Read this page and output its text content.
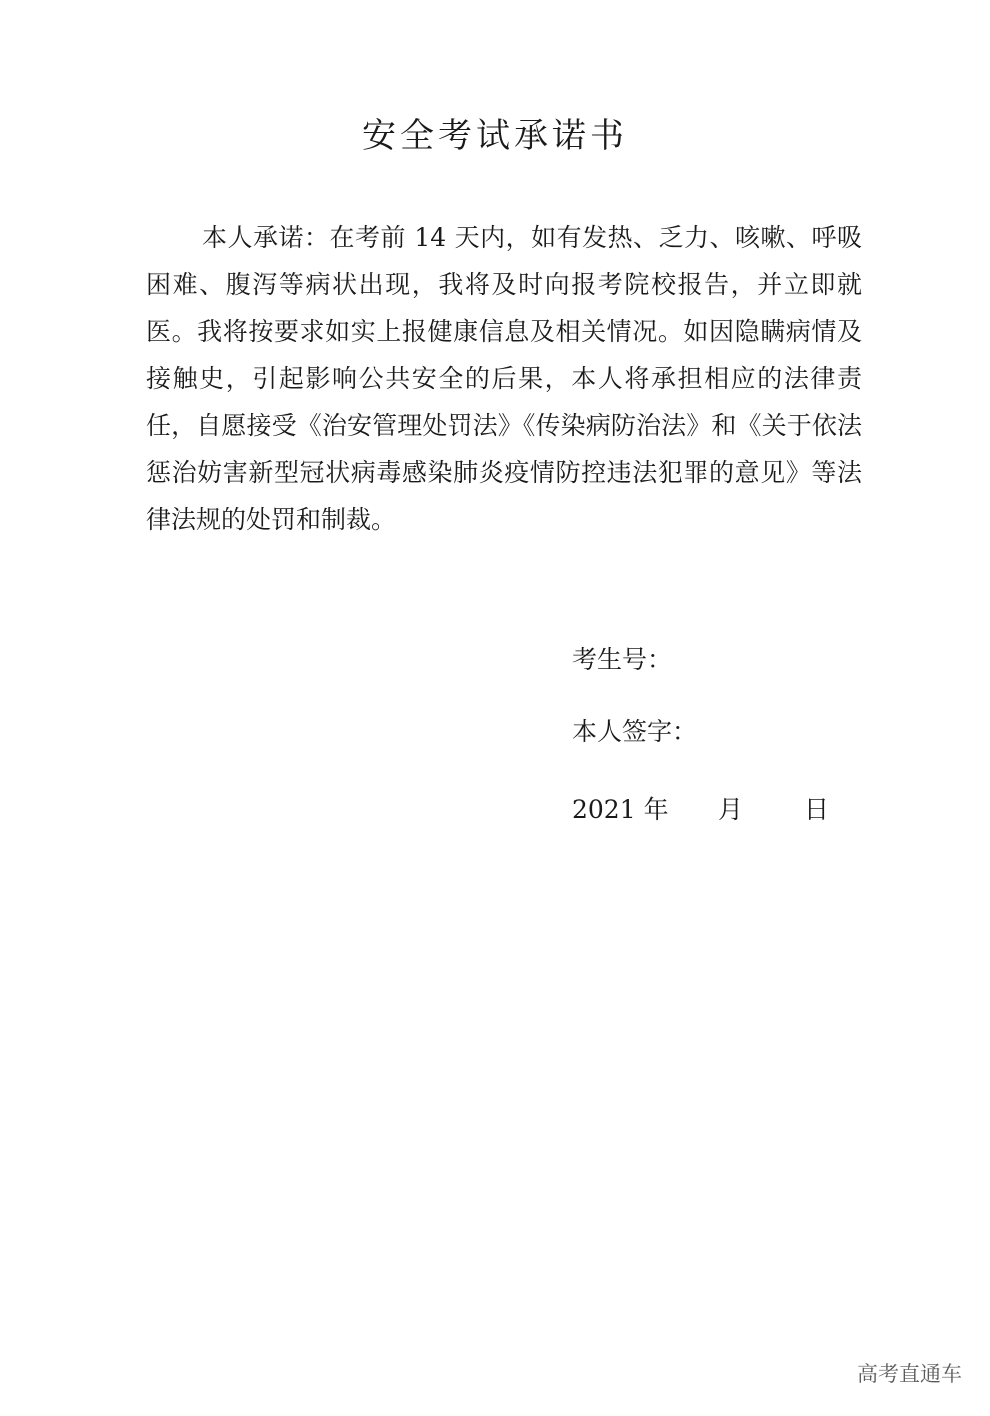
安全考试承诺书

本人承诺：在考前 14 天内，如有发热、乏力、咳嗽、呼吸困难、腹泻等病状出现，我将及时向报考院校报告，并立即就医。我将按要求如实上报健康信息及相关情况。如因隐瞒病情及接触史，引起影响公共安全的后果，本人将承担相应的法律责任，自愿接受《治安管理处罚法》《传染病防治法》和《关于依法惩治妨害新型冠状病毒感染肺炎疫情防控违法犯罪的意见》等法律法规的处罚和制裁。

考生号：
本人签字：
2021 年 月 日
高考直通车
